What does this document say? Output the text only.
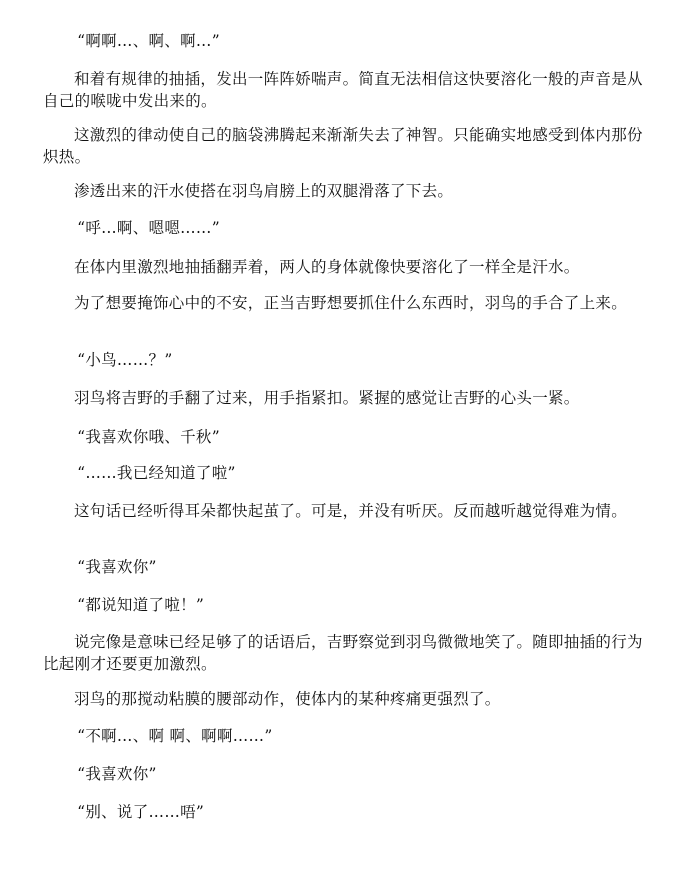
“啊啊…、啊、啊…”

和着有规律的抽插，发出一阵阵娇喘声。简直无法相信这快要溶化一般的声音是从自己的喉咙中发出来的。

这激烈的律动使自己的脑袋沸腾起来渐渐失去了神智。只能确实地感受到体内那份炽热。

渗透出来的汗水使搭在羽鸟肩膀上的双腿滑落了下去。

“呼…啊、嗯嗯……”

在体内里激烈地抽插翻弄着，两人的身体就像快要溶化了一样全是汗水。

为了想要掩饰心中的不安，正当吉野想要抓住什么东西时，羽鸟的手合了上来。

“小鸟……？”

羽鸟将吉野的手翻了过来，用手指紧扣。紧握的感觉让吉野的心头一紧。

“我喜欢你哦、千秋”

“……我已经知道了啦”

这句话已经听得耳朵都快起茧了。可是，并没有听厌。反而越听越觉得难为情。

“我喜欢你”

“都说知道了啦！”

说完像是意味已经足够了的话语后，吉野察觉到羽鸟微微地笑了。随即抽插的行为比起刚才还要更加激烈。

羽鸟的那搅动粘膜的腰部动作，使体内的某种疼痛更强烈了。

“不啊…、啊 啊、啊啊……”

“我喜欢你”

“别、说了……唔”
